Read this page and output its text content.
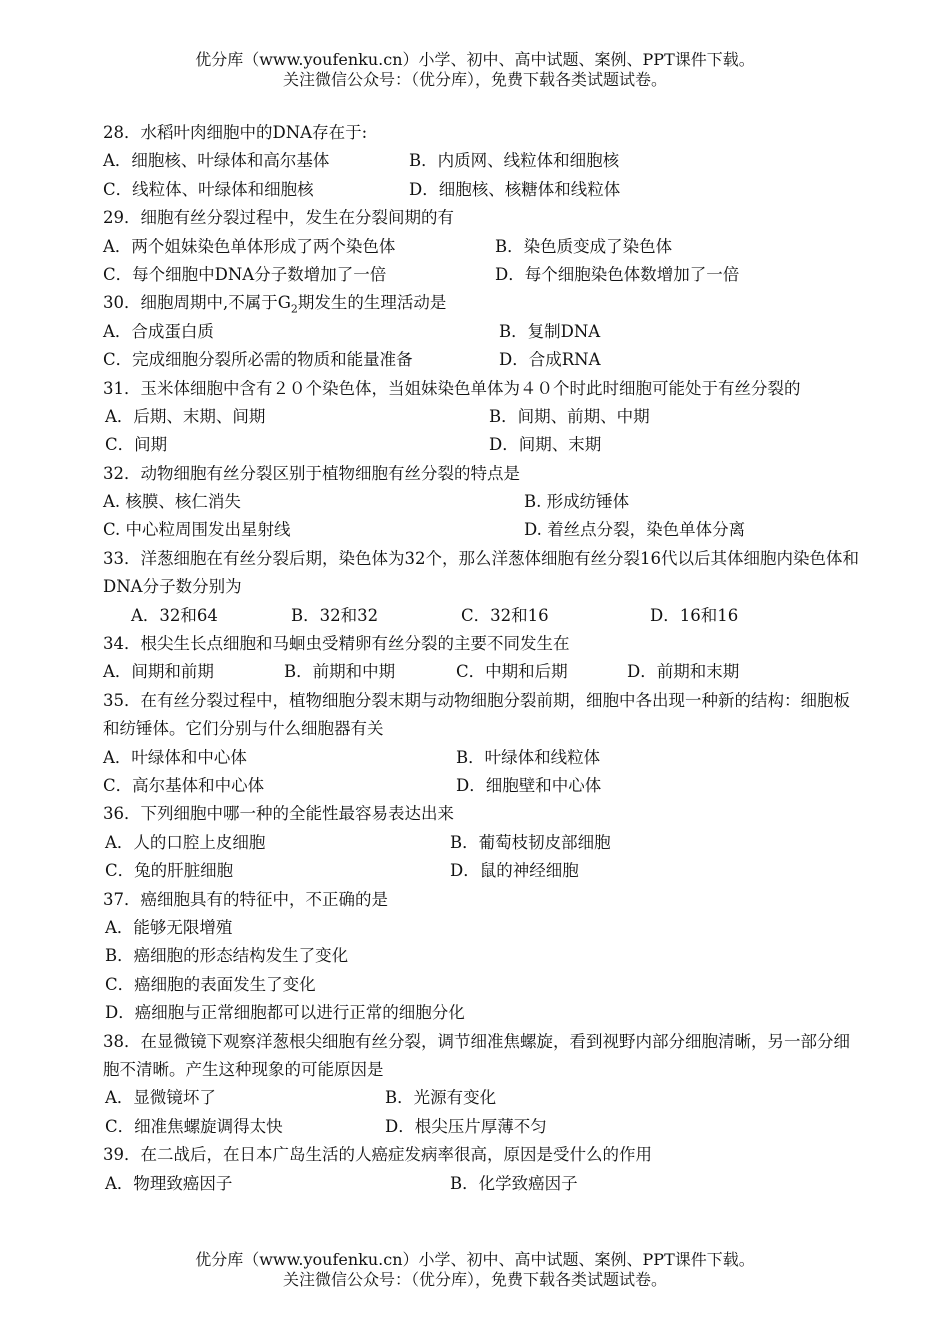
优分库（www.youfenku.cn）小学、初中、高中试题、案例、PPT课件下载。
关注微信公众号：（优分库），免费下载各类试题试卷。
28．水稻叶肉细胞中的DNA存在于:
A．细胞核、叶绿体和高尔基体	B．内质网、线粒体和细胞核
C．线粒体、叶绿体和细胞核	D．细胞核、核糖体和线粒体
29．细胞有丝分裂过程中，发生在分裂间期的有
A．两个姐妹染色单体形成了两个染色体	B．染色质变成了染色体
C．每个细胞中DNA分子数增加了一倍	D．每个细胞染色体数增加了一倍
30．细胞周期中,不属于$G_2$期发生的生理活动是
A．合成蛋白质	B．复制DNA
C．完成细胞分裂所必需的物质和能量准备	D．合成RNA
31．玉米体细胞中含有２０个染色体，当姐妹染色单体为４０个时此时细胞可能处于有丝分裂的
A．后期、末期、间期	B．间期、前期、中期
C．间期	D．间期、末期
32．动物细胞有丝分裂区别于植物细胞有丝分裂的特点是
A. 核膜、核仁消失	B. 形成纺锤体
C. 中心粒周围发出星射线	D. 着丝点分裂，染色单体分离
33．洋葱细胞在有丝分裂后期，染色体为32个，那么洋葱体细胞有丝分裂16代以后其体细胞内染色体和DNA分子数分别为
A．32和64	B．32和32	C．32和16	D．16和16
34．根尖生长点细胞和马蛔虫受精卵有丝分裂的主要不同发生在
A．间期和前期	B．前期和中期	C．中期和后期	D．前期和末期
35．在有丝分裂过程中，植物细胞分裂末期与动物细胞分裂前期，细胞中各出现一种新的结构：细胞板和纺锤体。它们分别与什么细胞器有关
A．叶绿体和中心体	B．叶绿体和线粒体
C．高尔基体和中心体	D．细胞壁和中心体
36．下列细胞中哪一种的全能性最容易表达出来
A．人的口腔上皮细胞	B．葡萄枝韧皮部细胞
C．兔的肝脏细胞	D．鼠的神经细胞
37．癌细胞具有的特征中，不正确的是
A．能够无限增殖
B．癌细胞的形态结构发生了变化
C．癌细胞的表面发生了变化
D．癌细胞与正常细胞都可以进行正常的细胞分化
38．在显微镜下观察洋葱根尖细胞有丝分裂，调节细准焦螺旋，看到视野内部分细胞清晰，另一部分细胞不清晰。产生这种现象的可能原因是
A．显微镜坏了	B．光源有变化
C．细准焦螺旋调得太快	D．根尖压片厚薄不匀
39．在二战后，在日本广岛生活的人癌症发病率很高，原因是受什么的作用
A．物理致癌因子	B．化学致癌因子
优分库（www.youfenku.cn）小学、初中、高中试题、案例、PPT课件下载。
关注微信公众号：（优分库），免费下载各类试题试卷。
